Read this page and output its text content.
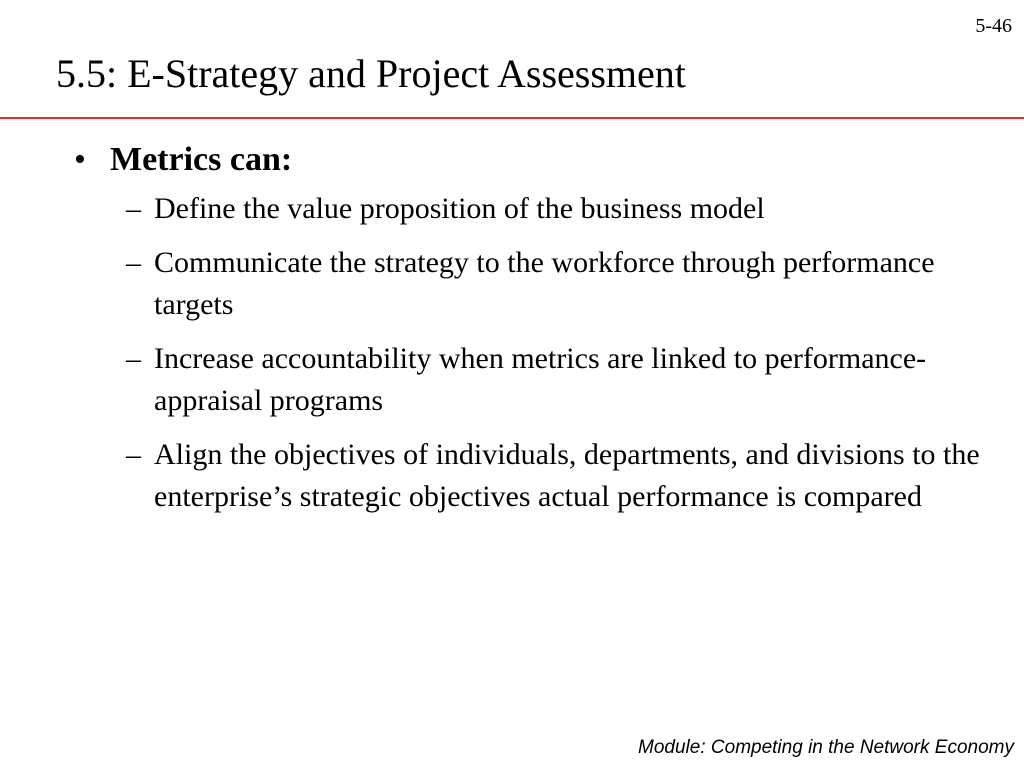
5-46
5.5: E-Strategy and Project Assessment
• Metrics can:
– Define the value proposition of the business model
– Communicate the strategy to the workforce through performance targets
– Increase accountability when metrics are linked to performance-appraisal programs
– Align the objectives of individuals, departments, and divisions to the enterprise’s strategic objectives actual performance is compared
Module: Competing in the Network Economy
